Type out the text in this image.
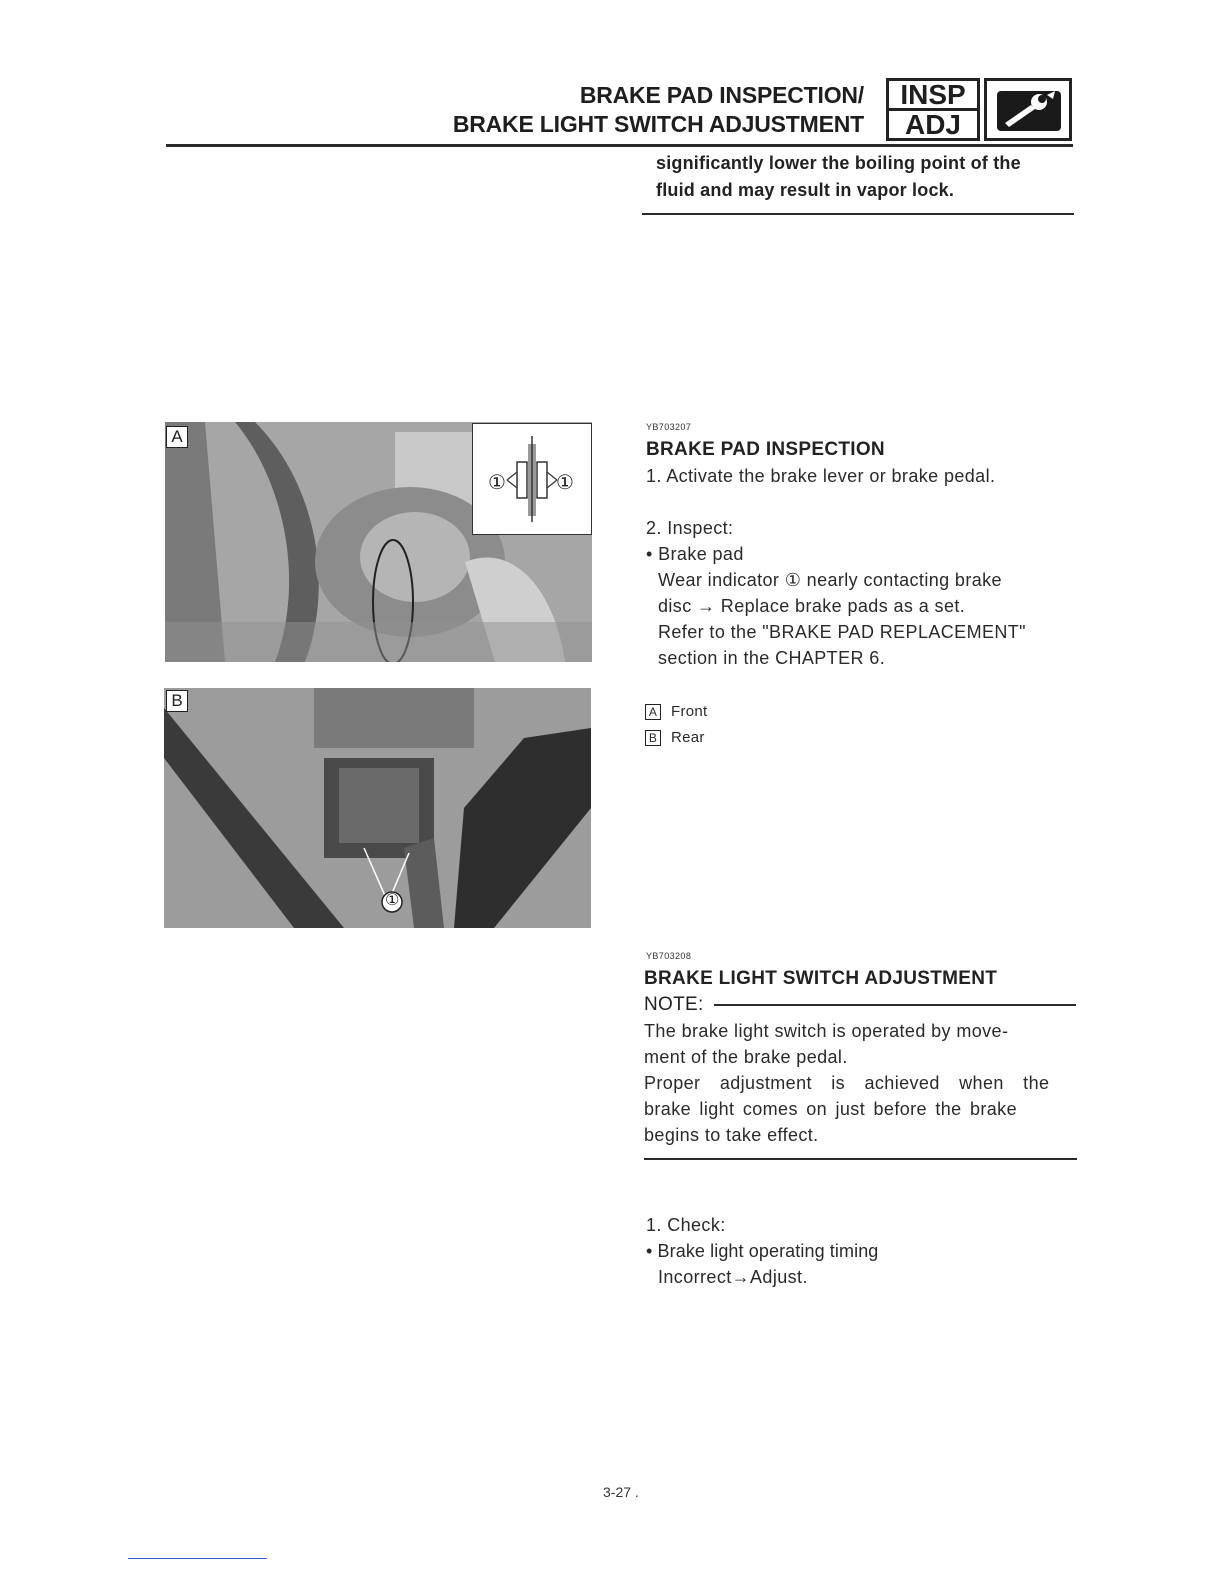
BRAKE PAD INSPECTION/
BRAKE LIGHT SWITCH ADJUSTMENT
INSP
ADJ
significantly lower the boiling point of the
fluid and may result in vapor lock.
①	①
A
①
B
YB703207
BRAKE PAD INSPECTION
1. Activate the brake lever or brake pedal.
2. Inspect:
• Brake pad
Wear indicator ① nearly contacting brake
disc → Replace brake pads as a set.
Refer to the "BRAKE PAD REPLACEMENT"
section in the CHAPTER 6.
A Front
B Rear
YB703208
BRAKE LIGHT SWITCH ADJUSTMENT
NOTE:
The brake light switch is operated by move-
ment of the brake pedal.
Proper adjustment is achieved when the
brake light comes on just before the brake
begins to take effect.
1. Check:
• Brake light operating timing
Incorrect→Adjust.
3-27 .
